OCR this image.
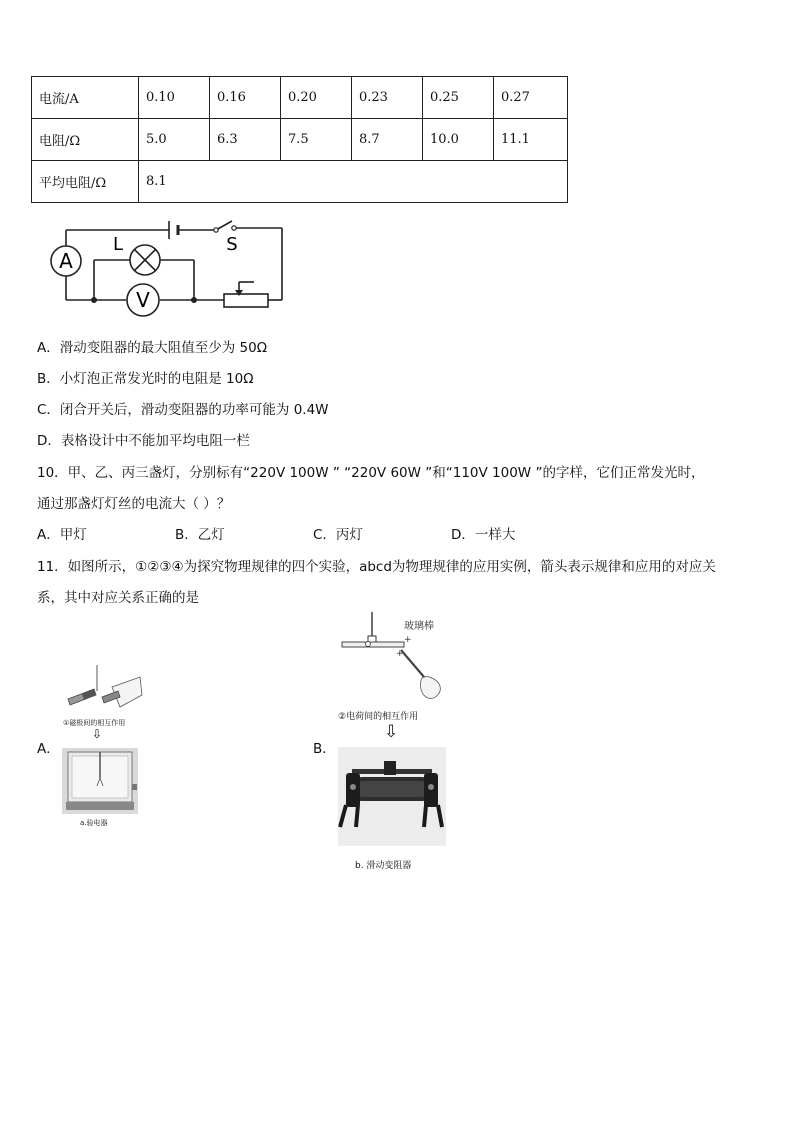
电流/A	0.10	0.16	0.20	0.23	0.25	0.27
电阻/Ω	5.0	6.3	7.5	8.7	10.0	11.1
平均电阻/Ω	8.1					
A
V
L	S
A．滑动变阻器的最大阻值至少为 50Ω
B．小灯泡正常发光时的电阻是 10Ω
C．闭合开关后，滑动变阻器的功率可能为 0.4W
D．表格设计中不能加平均电阻一栏
10．甲、乙、丙三盏灯，分别标有“220V 100W ” “220V 60W ”和“110V 100W ”的字样，它们正常发光时，
通过那盏灯灯丝的电流大（ ）？
A．甲灯	B．乙灯	C．丙灯	D．一样大
11．如图所示，①②③④为探究物理规律的四个实验，abcd为物理规律的应用实例，箭头表示规律和应用的对应关
系，其中对应关系正确的是
A．
①磁极间的相互作用
⇩
a.验电器
B．
+
+
玻璃棒
②电荷间的相互作用
⇩
b. 滑动变阻器
